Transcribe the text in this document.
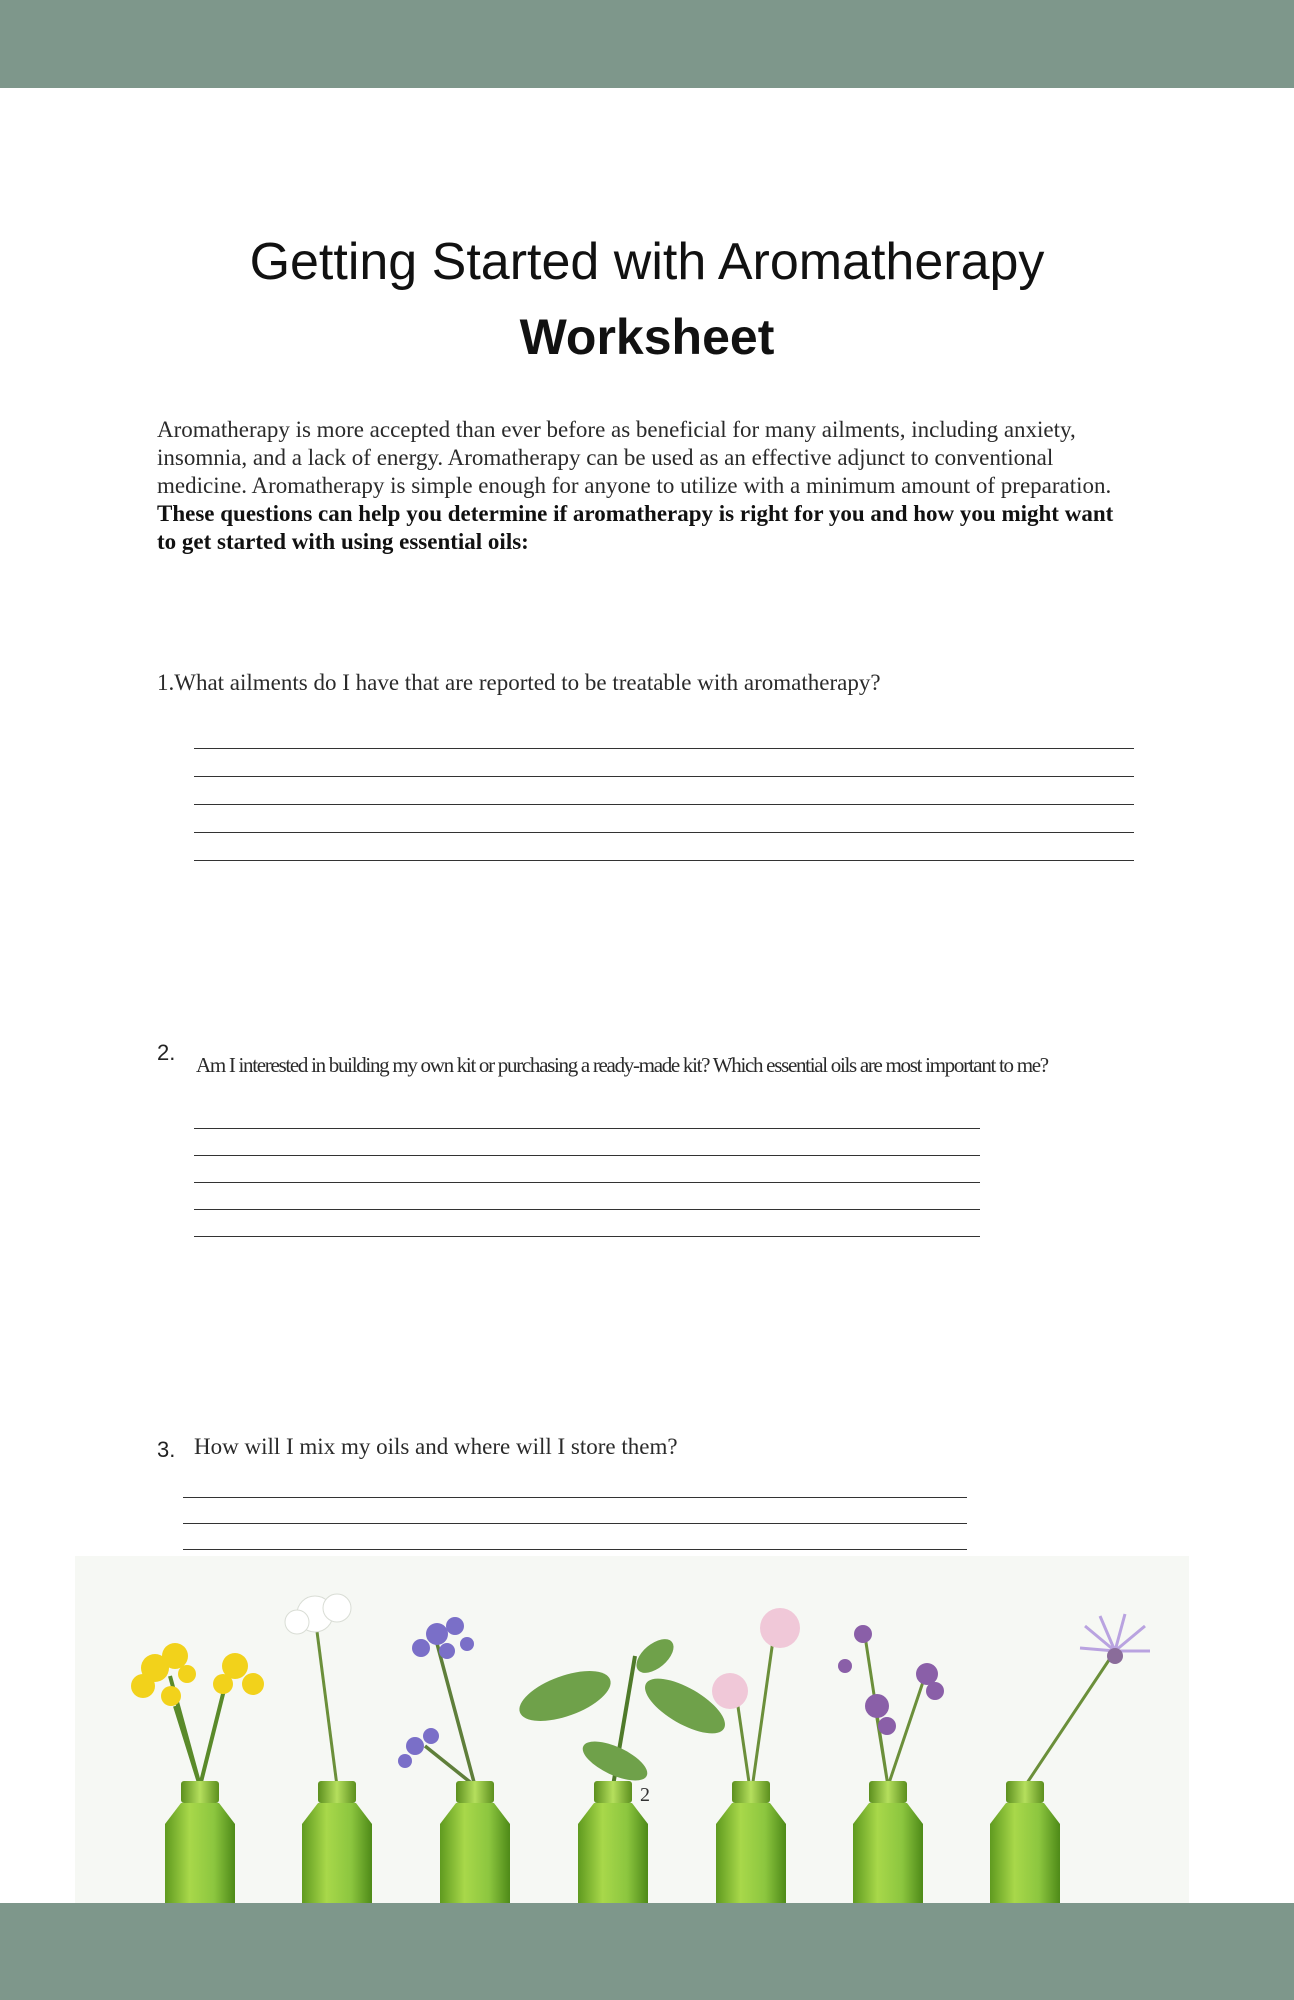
Getting Started with Aromatherapy
Worksheet

Aromatherapy is more accepted than ever before as beneficial for many ailments, including anxiety, insomnia, and a lack of energy. Aromatherapy can be used as an effective adjunct to conventional medicine. Aromatherapy is simple enough for anyone to utilize with a minimum amount of preparation.

These questions can help you determine if aromatherapy is right for you and how you might want to get started with using essential oils:

1.What ailments do I have that are reported to be treatable with aromatherapy?
2. Am I interested in building my own kit or purchasing a ready-made kit? Which essential oils are most important to me?
3. How will I mix my oils and where will I store them?
2
